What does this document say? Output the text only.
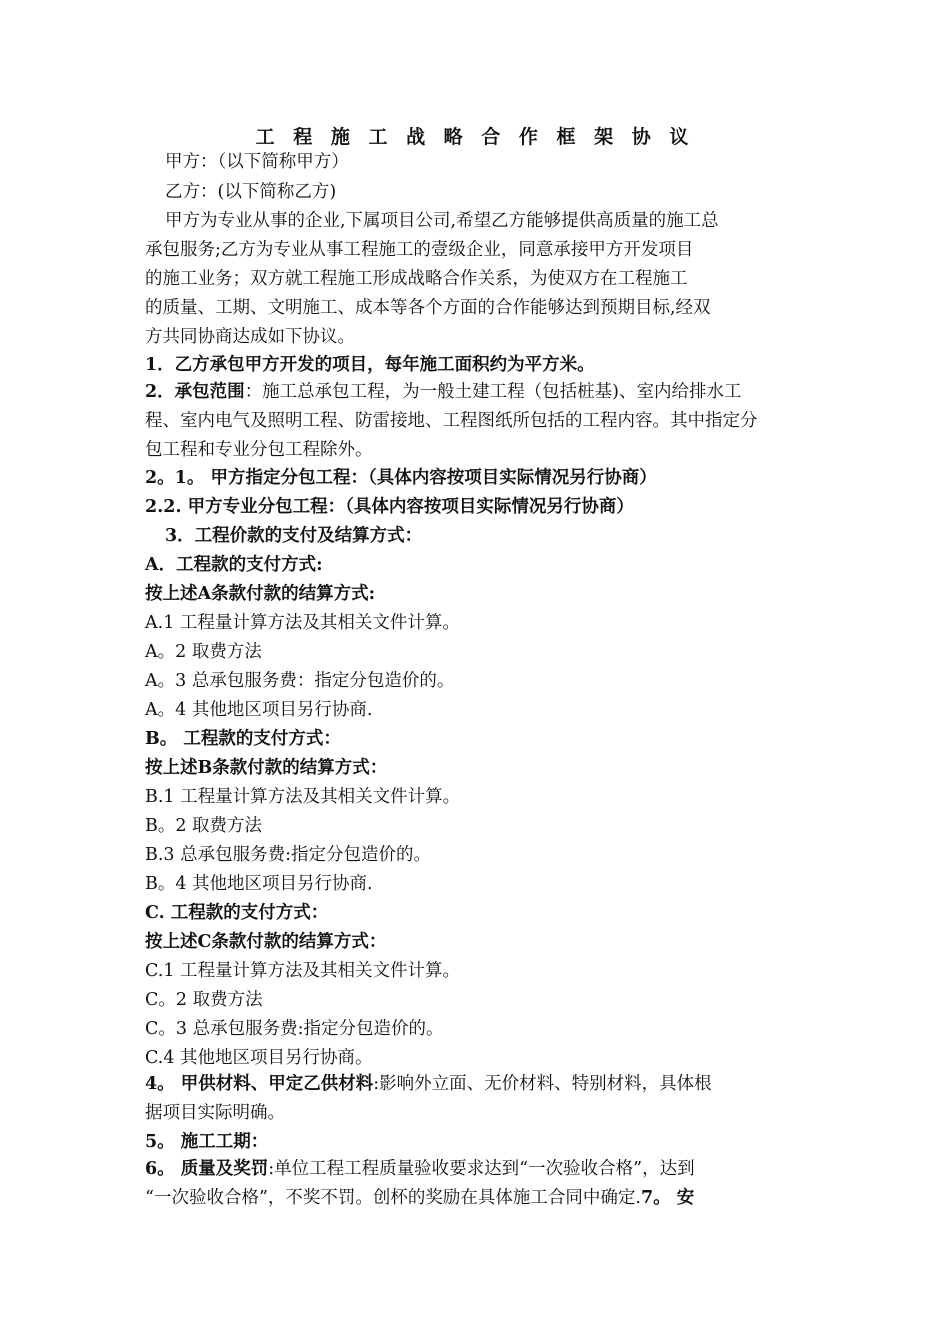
工 程 施 工 战 略 合 作 框 架 协 议
甲方：（以下简称甲方）
乙方：(以下简称乙方)

甲方为专业从事的企业,下属项目公司,希望乙方能够提供高质量的施工总

承包服务;乙方为专业从事工程施工的壹级企业，同意承接甲方开发项目

的施工业务；双方就工程施工形成战略合作关系，为使双方在工程施工

的质量、工期、文明施工、成本等各个方面的合作能够达到预期目标,经双

方共同协商达成如下协议。

1．乙方承包甲方开发的项目，每年施工面积约为平方米。

2．承包范围：施工总承包工程，为一般土建工程（包括桩基)、室内给排水工

程、室内电气及照明工程、防雷接地、工程图纸所包括的工程内容。其中指定分

包工程和专业分包工程除外。

2。1。 甲方指定分包工程：（具体内容按项目实际情况另行协商）
2.2. 甲方专业分包工程：（具体内容按项目实际情况另行协商）
3．工程价款的支付及结算方式：
A．工程款的支付方式:
按上述A条款付款的结算方式:
A.1 工程量计算方法及其相关文件计算。
A。2 取费方法
A。3 总承包服务费：指定分包造价的。
A。4 其他地区项目另行协商.
B。 工程款的支付方式：
按上述B条款付款的结算方式：
B.1 工程量计算方法及其相关文件计算。
B。2 取费方法
B.3 总承包服务费:指定分包造价的。
B。4 其他地区项目另行协商.
C. 工程款的支付方式：
按上述C条款付款的结算方式：
C.1 工程量计算方法及其相关文件计算。
C。2 取费方法
C。3 总承包服务费:指定分包造价的。
C.4 其他地区项目另行协商。

4。 甲供材料、甲定乙供材料:影响外立面、无价材料、特别材料，具体根

据项目实际明确。

5。 施工工期：

6。 质量及奖罚:单位工程工程质量验收要求达到“一次验收合格”，达到

“一次验收合格”，不奖不罚。创杯的奖励在具体施工合同中确定.7。 安
